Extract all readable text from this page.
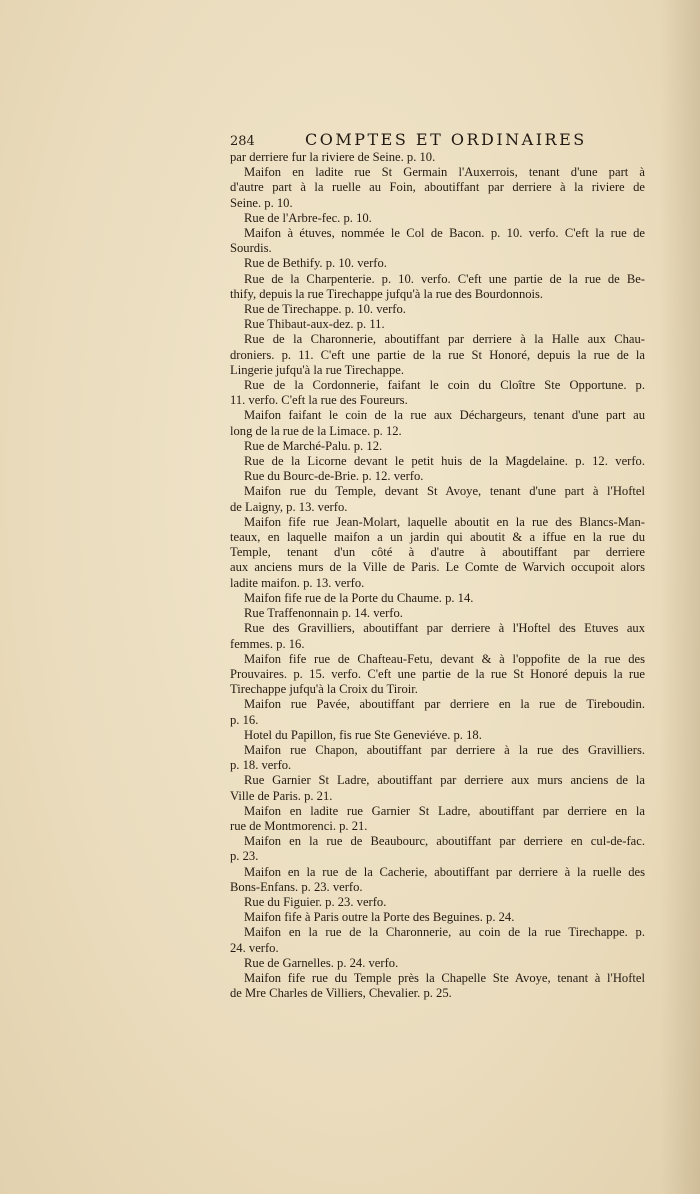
284	COMPTES ET ORDINAIRES
par derriere fur la riviere de Seine. p. 10.
Maifon en ladite rue St Germain l'Auxerrois, tenant d'une part à
d'autre part à la ruelle au Foin, aboutiffant par derriere à la riviere de
Seine. p. 10.
Rue de l'Arbre-fec. p. 10.
Maifon à étuves, nommée le Col de Bacon. p. 10. verfo. C'eft la rue de
Sourdis.
Rue de Bethify. p. 10. verfo.
Rue de la Charpenterie. p. 10. verfo. C'eft une partie de la rue de Be-
thify, depuis la rue Tirechappe jufqu'à la rue des Bourdonnois.
Rue de Tirechappe. p. 10. verfo.
Rue Thibaut-aux-dez. p. 11.
Rue de la Charonnerie, aboutiffant par derriere à la Halle aux Chau-
droniers. p. 11. C'eft une partie de la rue St Honoré, depuis la rue de la
Lingerie jufqu'à la rue Tirechappe.
Rue de la Cordonnerie, faifant le coin du Cloître Ste Opportune. p.
11. verfo. C'eft la rue des Foureurs.
Maifon faifant le coin de la rue aux Déchargeurs, tenant d'une part au
long de la rue de la Limace. p. 12.
Rue de Marché-Palu. p. 12.
Rue de la Licorne devant le petit huis de la Magdelaine. p. 12. verfo.
Rue du Bourc-de-Brie. p. 12. verfo.
Maifon rue du Temple, devant St Avoye, tenant d'une part à l'Hoftel
de Laigny, p. 13. verfo.
Maifon fife rue Jean-Molart, laquelle aboutit en la rue des Blancs-Man-
teaux, en laquelle maifon a un jardin qui aboutit & a iffue en la rue du
Temple, tenant d'un côté à d'autre à aboutiffant par derriere
aux anciens murs de la Ville de Paris. Le Comte de Warvich occupoit alors
ladite maifon. p. 13. verfo.
Maifon fife rue de la Porte du Chaume. p. 14.
Rue Traffenonnain p. 14. verfo.
Rue des Gravilliers, aboutiffant par derriere à l'Hoftel des Etuves aux
femmes. p. 16.
Maifon fife rue de Chafteau-Fetu, devant & à l'oppofite de la rue des
Prouvaires. p. 15. verfo. C'eft une partie de la rue St Honoré depuis la rue
Tirechappe jufqu'à la Croix du Tiroir.
Maifon rue Pavée, aboutiffant par derriere en la rue de Tireboudin.
p. 16.
Hotel du Papillon, fis rue Ste Geneviéve. p. 18.
Maifon rue Chapon, aboutiffant par derriere à la rue des Gravilliers.
p. 18. verfo.
Rue Garnier St Ladre, aboutiffant par derriere aux murs anciens de la
Ville de Paris. p. 21.
Maifon en ladite rue Garnier St Ladre, aboutiffant par derriere en la
rue de Montmorenci. p. 21.
Maifon en la rue de Beaubourc, aboutiffant par derriere en cul-de-fac.
p. 23.
Maifon en la rue de la Cacherie, aboutiffant par derriere à la ruelle des
Bons-Enfans. p. 23. verfo.
Rue du Figuier. p. 23. verfo.
Maifon fife à Paris outre la Porte des Beguines. p. 24.
Maifon en la rue de la Charonnerie, au coin de la rue Tirechappe. p.
24. verfo.
Rue de Garnelles. p. 24. verfo.
Maifon fife rue du Temple près la Chapelle Ste Avoye, tenant à l'Hoftel
de Mre Charles de Villiers, Chevalier. p. 25.
